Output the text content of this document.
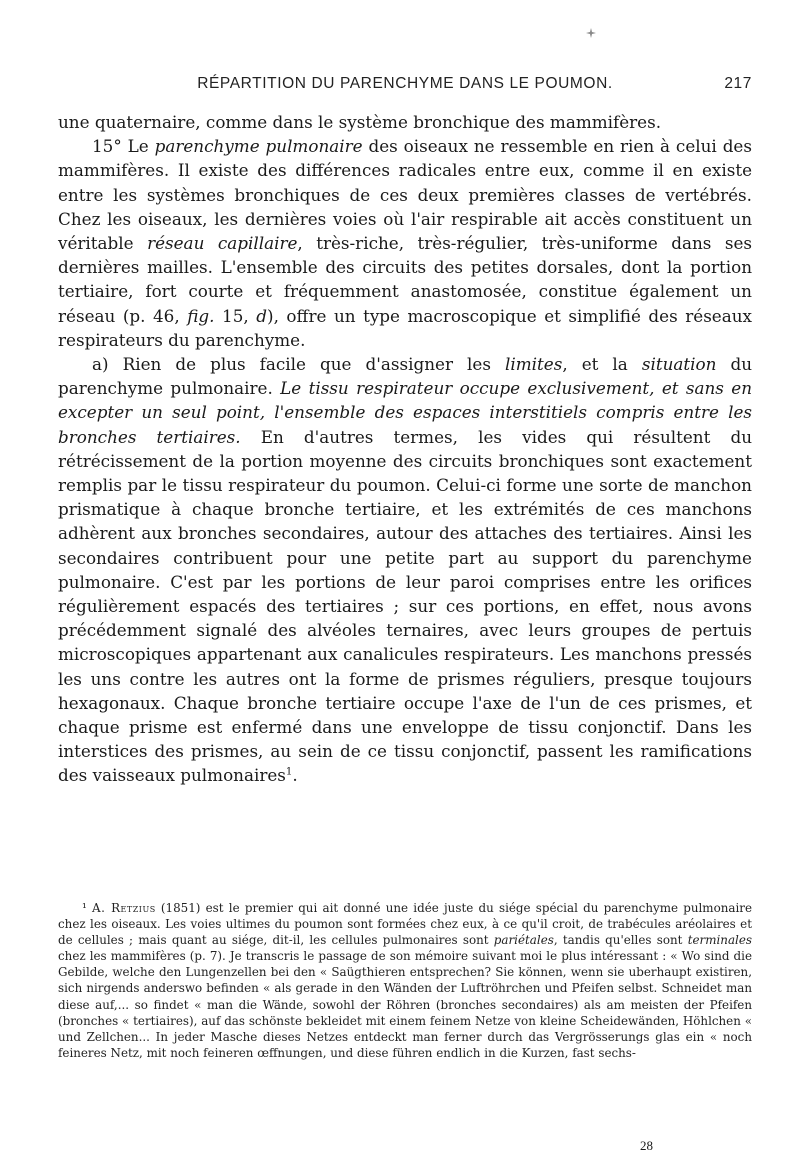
RÉPARTITION DU PARENCHYME DANS LE POUMON.	217

une quaternaire, comme dans le système bronchique des mammifères.

15° Le parenchyme pulmonaire des oiseaux ne ressemble en rien à celui des mammifères. Il existe des différences radicales entre eux, comme il en existe entre les systèmes bronchiques de ces deux premières classes de vertébrés. Chez les oiseaux, les dernières voies où l'air respirable ait accès constituent un véritable réseau capillaire, très-riche, très-régulier, très-uniforme dans ses dernières mailles. L'ensemble des circuits des petites dorsales, dont la portion tertiaire, fort courte et fréquemment anastomosée, constitue également un réseau (p. 46, fig. 15, d), offre un type macroscopique et simplifié des réseaux respirateurs du parenchyme.

a) Rien de plus facile que d'assigner les limites, et la situation du parenchyme pulmonaire. Le tissu respirateur occupe exclusivement, et sans en excepter un seul point, l'ensemble des espaces interstitiels compris entre les bronches tertiaires. En d'autres termes, les vides qui résultent du rétrécissement de la portion moyenne des circuits bronchiques sont exactement remplis par le tissu respirateur du poumon. Celui-ci forme une sorte de manchon prismatique à chaque bronche tertiaire, et les extrémités de ces manchons adhèrent aux bronches secondaires, autour des attaches des tertiaires. Ainsi les secondaires contribuent pour une petite part au support du parenchyme pulmonaire. C'est par les portions de leur paroi comprises entre les orifices régulièrement espacés des tertiaires ; sur ces portions, en effet, nous avons précédemment signalé des alvéoles ternaires, avec leurs groupes de pertuis microscopiques appartenant aux canalicules respirateurs. Les manchons pressés les uns contre les autres ont la forme de prismes réguliers, presque toujours hexagonaux. Chaque bronche tertiaire occupe l'axe de l'un de ces prismes, et chaque prisme est enfermé dans une enveloppe de tissu conjonctif. Dans les interstices des prismes, au sein de ce tissu conjonctif, passent les ramifications des vaisseaux pulmonaires$^1$.

¹ A. Retzius (1851) est le premier qui ait donné une idée juste du siége spécial du parenchyme pulmonaire chez les oiseaux. Les voies ultimes du poumon sont formées chez eux, à ce qu'il croit, de trabécules aréolaires et de cellules ; mais quant au siége, dit-il, les cellules pulmonaires sont pariétales, tandis qu'elles sont terminales chez les mammifères (p. 7). Je transcris le passage de son mémoire suivant moi le plus intéressant : « Wo sind die Gebilde, welche den Lungenzellen bei den « Saügthieren entsprechen? Sie können, wenn sie uberhaupt existiren, sich nirgends anderswo befinden « als gerade in den Wänden der Luftröhrchen und Pfeifen selbst. Schneidet man diese auf,... so findet « man die Wände, sowohl der Röhren (bronches secondaires) als am meisten der Pfeifen (bronches « tertiaires), auf das schönste bekleidet mit einem feinem Netze von kleine Scheidewänden, Höhlchen « und Zellchen... In jeder Masche dieses Netzes entdeckt man ferner durch das Vergrösserungs glas ein « noch feineres Netz, mit noch feineren œffnungen, und diese führen endlich in die Kurzen, fast sechs-

28
